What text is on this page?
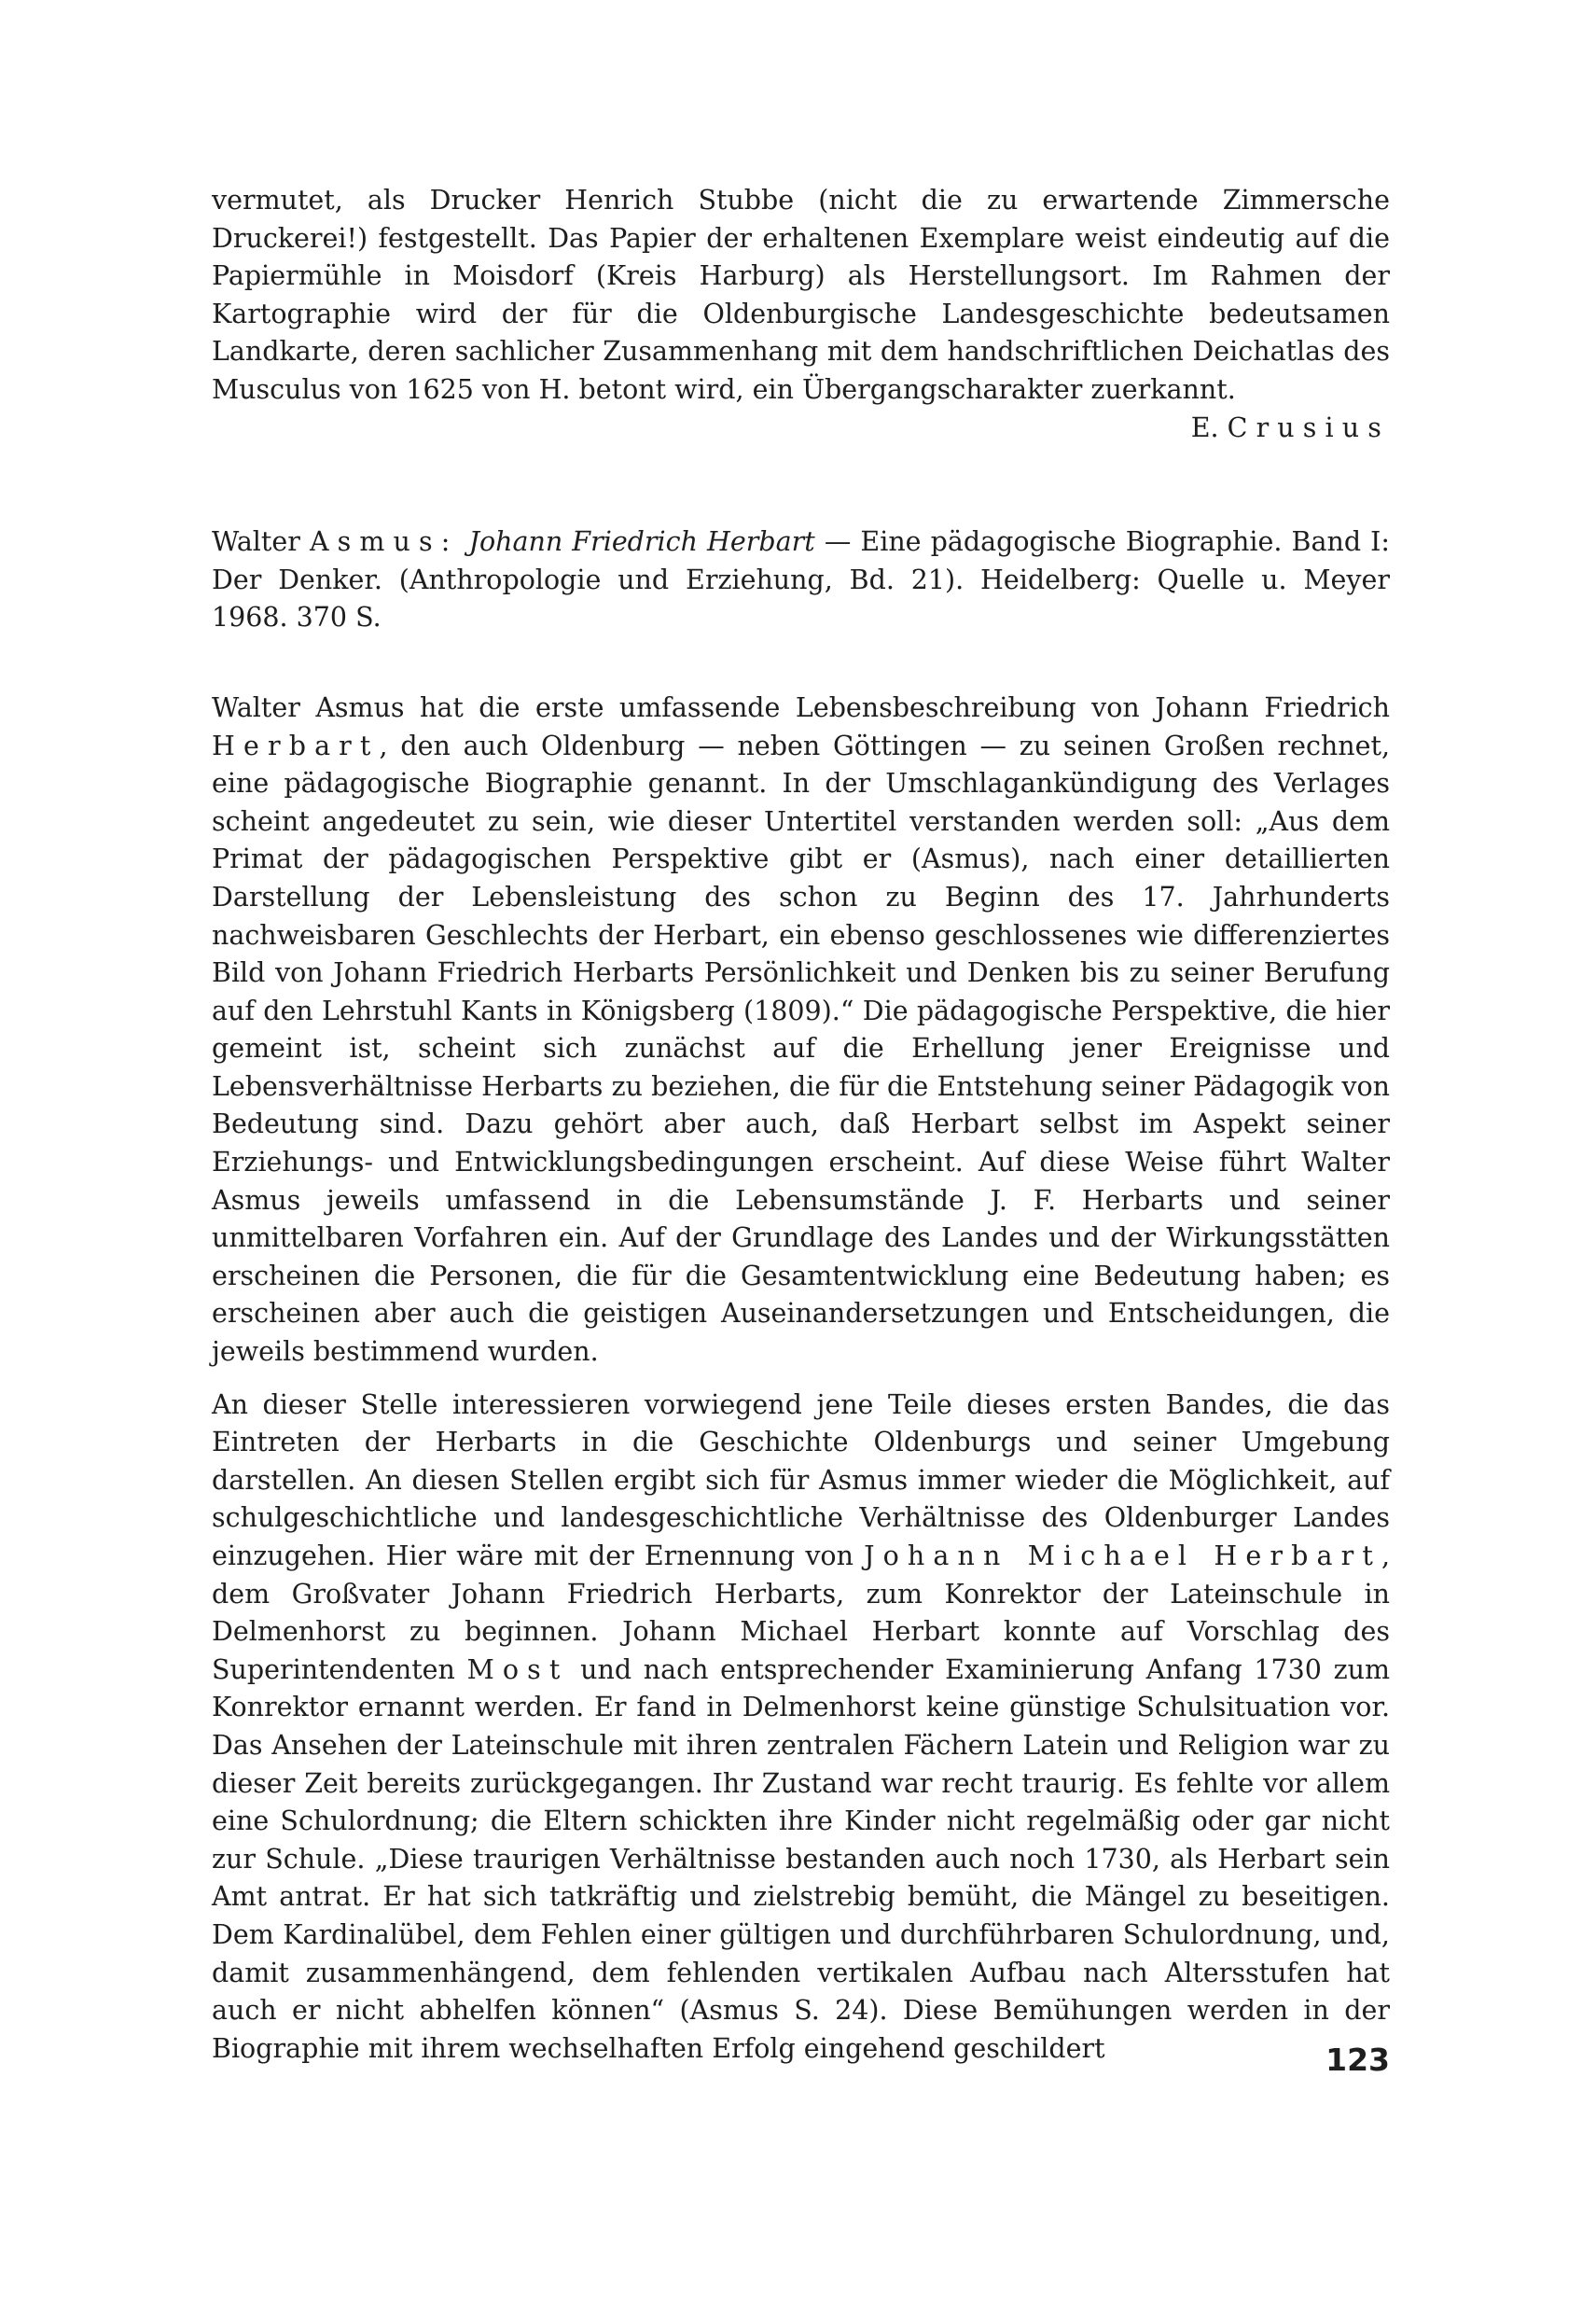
vermutet, als Drucker Henrich Stubbe (nicht die zu erwartende Zimmersche Druckerei!) festgestellt. Das Papier der erhaltenen Exemplare weist eindeutig auf die Papiermühle in Moisdorf (Kreis Harburg) als Herstellungsort. Im Rahmen der Kartographie wird der für die Oldenburgische Landesgeschichte bedeutsamen Landkarte, deren sachlicher Zusammenhang mit dem handschriftlichen Deichatlas des Musculus von 1625 von H. betont wird, ein Übergangscharakter zuerkannt.

E. Crusius

Walter Asmus: Johann Friedrich Herbart — Eine pädagogische Biographie. Band I: Der Denker. (Anthropologie und Erziehung, Bd. 21). Heidelberg: Quelle u. Meyer 1968. 370 S.

Walter Asmus hat die erste umfassende Lebensbeschreibung von Johann Friedrich Herbart, den auch Oldenburg — neben Göttingen — zu seinen Großen rechnet, eine pädagogische Biographie genannt. In der Umschlagankündigung des Verlages scheint angedeutet zu sein, wie dieser Untertitel verstanden werden soll: „Aus dem Primat der pädagogischen Perspektive gibt er (Asmus), nach einer detaillierten Darstellung der Lebensleistung des schon zu Beginn des 17. Jahrhunderts nachweisbaren Geschlechts der Herbart, ein ebenso geschlossenes wie differenziertes Bild von Johann Friedrich Herbarts Persönlichkeit und Denken bis zu seiner Berufung auf den Lehrstuhl Kants in Königsberg (1809).“ Die pädagogische Perspektive, die hier gemeint ist, scheint sich zunächst auf die Erhellung jener Ereignisse und Lebensverhältnisse Herbarts zu beziehen, die für die Entstehung seiner Pädagogik von Bedeutung sind. Dazu gehört aber auch, daß Herbart selbst im Aspekt seiner Erziehungs- und Entwicklungsbedingungen erscheint. Auf diese Weise führt Walter Asmus jeweils umfassend in die Lebensumstände J. F. Herbarts und seiner unmittelbaren Vorfahren ein. Auf der Grundlage des Landes und der Wirkungsstätten erscheinen die Personen, die für die Gesamtentwicklung eine Bedeutung haben; es erscheinen aber auch die geistigen Auseinandersetzungen und Entscheidungen, die jeweils bestimmend wurden.

An dieser Stelle interessieren vorwiegend jene Teile dieses ersten Bandes, die das Eintreten der Herbarts in die Geschichte Oldenburgs und seiner Umgebung darstellen. An diesen Stellen ergibt sich für Asmus immer wieder die Möglichkeit, auf schulgeschichtliche und landesgeschichtliche Verhältnisse des Oldenburger Landes einzugehen. Hier wäre mit der Ernennung von Johann Michael Herbart, dem Großvater Johann Friedrich Herbarts, zum Konrektor der Lateinschule in Delmenhorst zu beginnen. Johann Michael Herbart konnte auf Vorschlag des Superintendenten Most und nach entsprechender Examinierung Anfang 1730 zum Konrektor ernannt werden. Er fand in Delmenhorst keine günstige Schulsituation vor. Das Ansehen der Lateinschule mit ihren zentralen Fächern Latein und Religion war zu dieser Zeit bereits zurückgegangen. Ihr Zustand war recht traurig. Es fehlte vor allem eine Schulordnung; die Eltern schickten ihre Kinder nicht regelmäßig oder gar nicht zur Schule. „Diese traurigen Verhältnisse bestanden auch noch 1730, als Herbart sein Amt antrat. Er hat sich tatkräftig und zielstrebig bemüht, die Mängel zu beseitigen. Dem Kardinalübel, dem Fehlen einer gültigen und durchführbaren Schulordnung, und, damit zusammenhängend, dem fehlenden vertikalen Aufbau nach Altersstufen hat auch er nicht abhelfen können“ (Asmus S. 24). Diese Bemühungen werden in der Biographie mit ihrem wechselhaften Erfolg eingehend geschildert	123
